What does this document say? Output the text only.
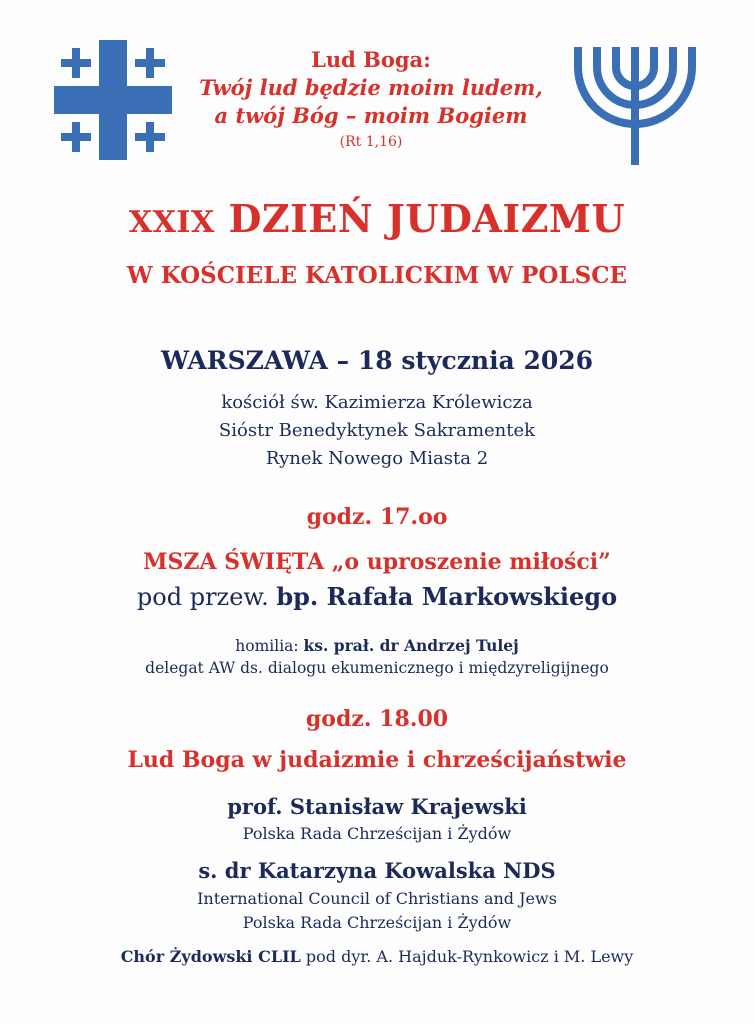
Lud Boga:
Twój lud będzie moim ludem,
a twój Bóg – moim Bogiem
(Rt 1,16)
XXIX DZIEŃ JUDAIZMU
W KOŚCIELE KATOLICKIM W POLSCE
WARSZAWA – 18 stycznia 2026
kościół św. Kazimierza Królewicza
Sióstr Benedyktynek Sakramentek
Rynek Nowego Miasta 2
godz. 17.oo
MSZA ŚWIĘTA „o uproszenie miłości”
pod przew. bp. Rafała Markowskiego
homilia: ks. prał. dr Andrzej Tulej
delegat AW ds. dialogu ekumenicznego i międzyreligijnego
godz. 18.00
Lud Boga w judaizmie i chrześcijaństwie
prof. Stanisław Krajewski
Polska Rada Chrześcijan i Żydów
s. dr Katarzyna Kowalska NDS
International Council of Christians and Jews
Polska Rada Chrześcijan i Żydów
Chór Żydowski CLIL pod dyr. A. Hajduk-Rynkowicz i M. Lewy
